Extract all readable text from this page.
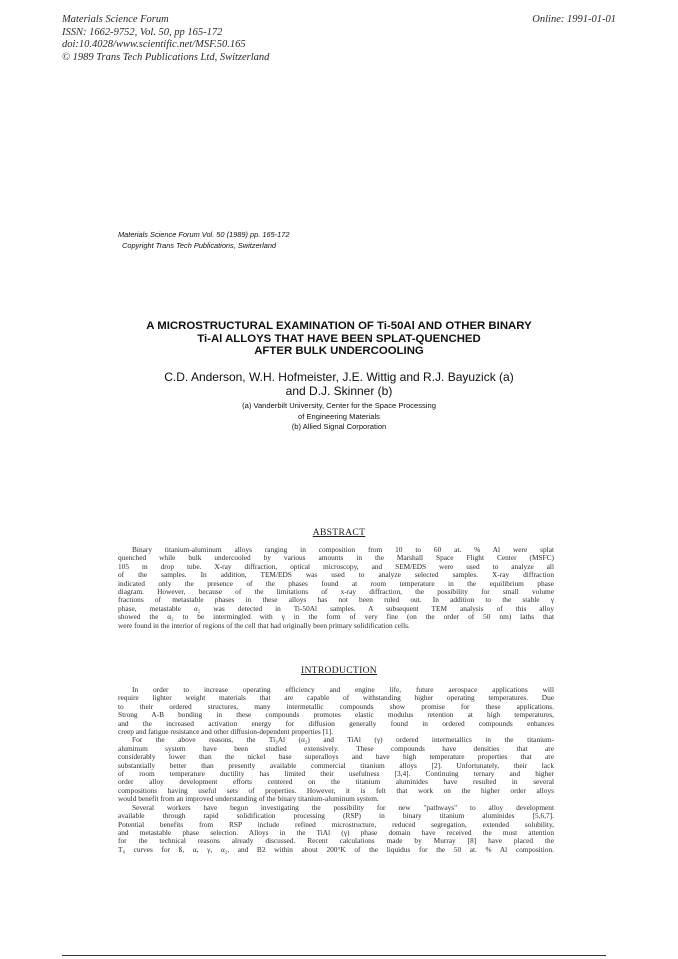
Materials Science Forum
ISSN: 1662-9752, Vol. 50, pp 165-172
doi:10.4028/www.scientific.net/MSF.50.165
© 1989 Trans Tech Publications Ltd, Switzerland
Online: 1991-01-01
Materials Science Forum Vol. 50 (1989) pp. 165-172
Copyright Trans Tech Publications, Switzerland
A MICROSTRUCTURAL EXAMINATION OF Ti-50Al AND OTHER BINARY
Ti-Al ALLOYS THAT HAVE BEEN SPLAT-QUENCHED
AFTER BULK UNDERCOOLING
C.D. Anderson, W.H. Hofmeister, J.E. Wittig and R.J. Bayuzick (a)
and D.J. Skinner (b)
(a) Vanderbilt University, Center for the Space Processing
of Engineering Materials
(b) Allied Signal Corporation
ABSTRACT
Binary titanium-aluminum alloys ranging in composition from 10 to 60 at. % Al were splat
quenched while bulk undercooled by various amounts in the Marshall Space Flight Center (MSFC)
105 m drop tube. X-ray diffraction, optical microscopy, and SEM/EDS were used to analyze all
of the samples. In addition, TEM/EDS was used to analyze selected samples. X-ray diffraction
indicated only the presence of the phases found at room temperature in the equilibrium phase
diagram. However, because of the limitations of x-ray diffraction, the possibility for small volume
fractions of metastable phases in these alloys has not been ruled out. In addition to the stable γ
phase, metastable α₂ was detected in Ti-50Al samples. A subsequent TEM analysis of this alloy
showed the α₂ to be intermingled with γ in the form of very fine (on the order of 50 nm) laths that
were found in the interior of regions of the cell that had originally been primary solidification cells.
INTRODUCTION
In order to increase operating efficiency and engine life, future aerospace applications will
require lighter weight materials that are capable of withstanding higher operating temperatures. Due
to their ordered structures, many intermetallic compounds show promise for these applications.
Strong A-B bonding in these compounds promotes elastic modulus retention at high temperatures,
and the increased activation energy for diffusion generally found in ordered compounds enhances
creep and fatigue resistance and other diffusion-dependent properties [1].
For the above reasons, the Ti₃Al (α₂) and TiAl (γ) ordered intermetallics in the titanium-
aluminum system have been studied extensively. These compounds have densities that are
considerably lower than the nickel base superalloys and have high temperature properties that are
substantially better than presently available commercial titanium alloys [2]. Unfortunately, their lack
of room temperature ductility has limited their usefulness [3,4]. Continuing ternary and higher
order alloy development efforts centered on the titanium aluminides have resulted in several
compositions having useful sets of properties. However, it is felt that work on the higher order alloys
would benefit from an improved understanding of the binary titanium-aluminum system.
Several workers have begun investigating the possibility for new "pathways" to alloy development
available through rapid solidification processing (RSP) in binary titanium aluminides [5,6,7].
Potential benefits from RSP include refined microstructure, reduced segregation, extended solubility,
and metastable phase selection. Alloys in the TiAl (γ) phase domain have received the most attention
for the technical reasons already discussed. Recent calculations made by Murray [8] have placed the
T₀ curves for ß, α, γ, α₂, and B2 within about 200°K of the liquidus for the 50 at. % Al composition.
